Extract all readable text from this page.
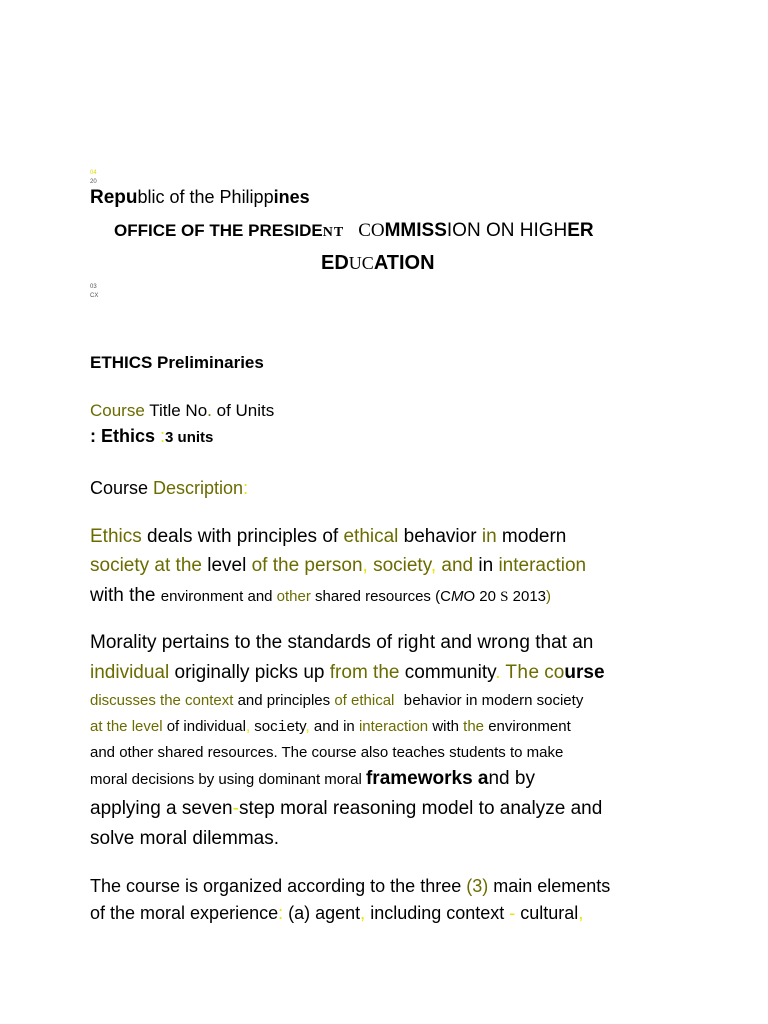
04
20
Republic of the Philippines
OFFICE OF THE PRESIDENT COMMISSION ON HIGHER
EDUCATION
03
CX
ETHICS Preliminaries
Course Title No. of Units
: Ethics :3 units
Course Description:
Ethics deals with principles of ethical behavior in modern
society at the level of the person, society, and in interaction
with the environment and other shared resources (CMO 20 S 2013)
Morality pertains to the standards of right and wrong that an
individual originally picks up from the community. The course
discusses the context and principles of ethical behavior in modern society
at the level of individual, society, and in interaction with the environment
and other shared resources. The course also teaches students to make
moral decisions by using dominant moral frameworks and by
applying a seven-step moral reasoning model to analyze and
solve moral dilemmas.
The course is organized according to the three (3) main elements
of the moral experience: (a) agent, including context - cultural,
